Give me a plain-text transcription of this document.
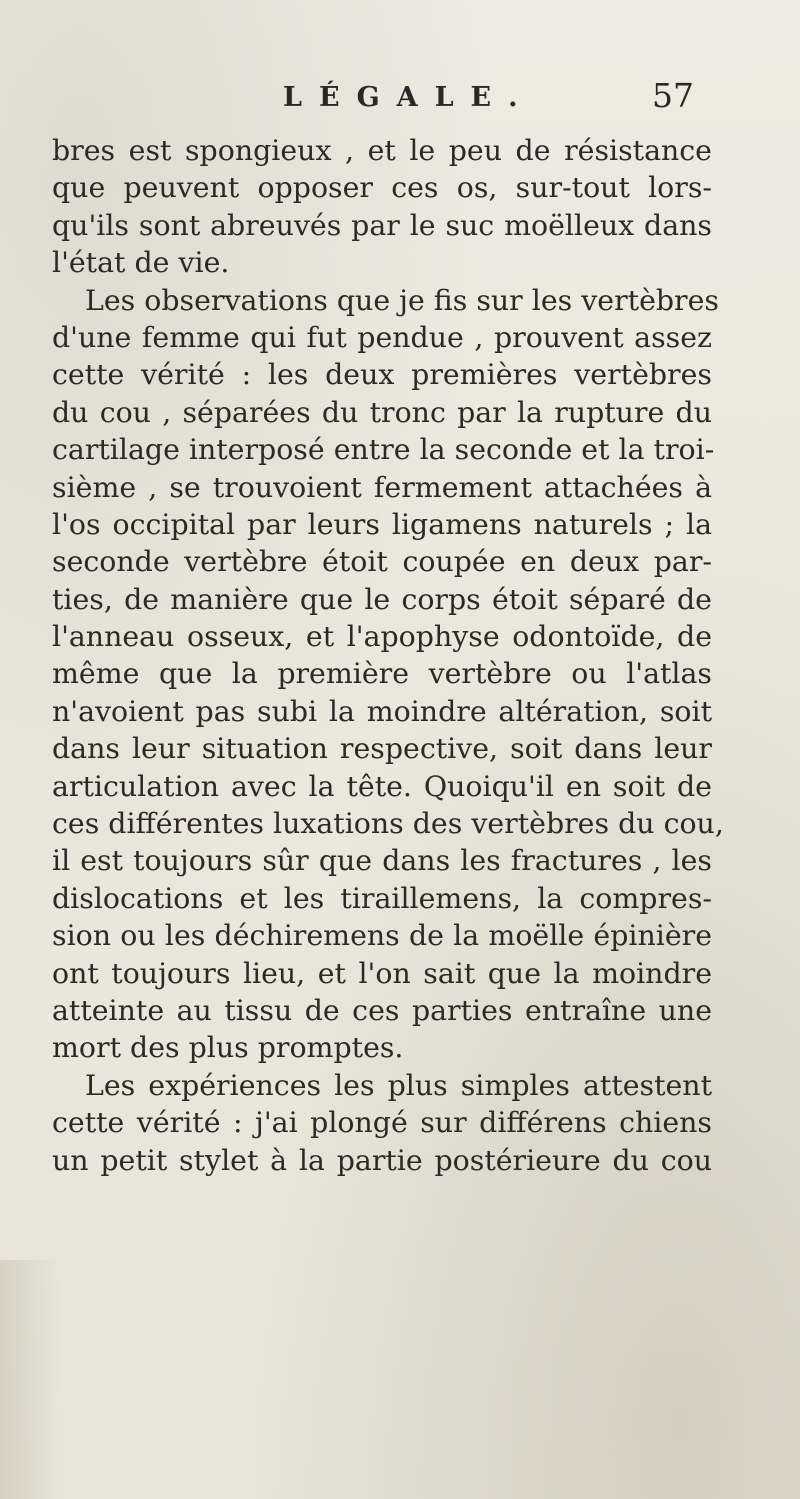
LÉGALE.	57
bres est spongieux , et le peu de résistance
que peuvent opposer ces os, sur-tout lors-
qu'ils sont abreuvés par le suc moëlleux dans
l'état de vie.
Les observations que je fis sur les vertèbres
d'une femme qui fut pendue , prouvent assez
cette vérité : les deux premières vertèbres
du cou , séparées du tronc par la rupture du
cartilage interposé entre la seconde et la troi-
sième , se trouvoient fermement attachées à
l'os occipital par leurs ligamens naturels ; la
seconde vertèbre étoit coupée en deux par-
ties, de manière que le corps étoit séparé de
l'anneau osseux, et l'apophyse odontoïde, de
même que la première vertèbre ou l'atlas
n'avoient pas subi la moindre altération, soit
dans leur situation respective, soit dans leur
articulation avec la tête. Quoiqu'il en soit de
ces différentes luxations des vertèbres du cou,
il est toujours sûr que dans les fractures , les
dislocations et les tiraillemens, la compres-
sion ou les déchiremens de la moëlle épinière
ont toujours lieu, et l'on sait que la moindre
atteinte au tissu de ces parties entraîne une
mort des plus promptes.
Les expériences les plus simples attestent
cette vérité : j'ai plongé sur différens chiens
un petit stylet à la partie postérieure du cou
